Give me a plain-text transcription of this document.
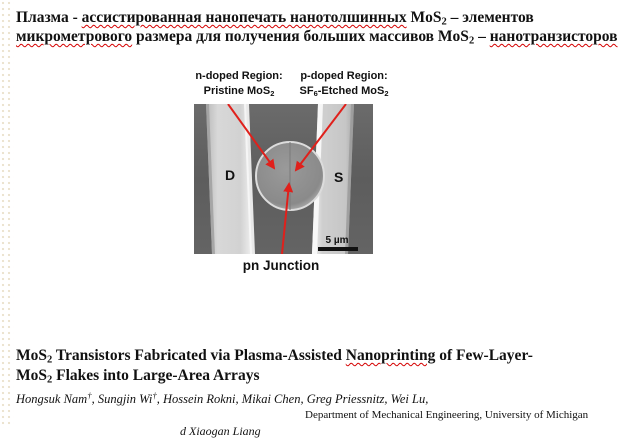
Плазма - ассистированная нанопечать нанотолшинных MoS$_2$ – элементов
микрометрового размера для получения больших массивов MoS$_2$ – нанотранзисторов
n-doped Region:
Pristine MoS$_2$
p-doped Region:
$SF_6$-Etched MoS$_2$
D	S
5 µm
pn Junction
MoS$_2$ Transistors Fabricated via Plasma-Assisted Nanoprinting of Few-Layer-
MoS$_2$ Flakes into Large-Area Arrays
Hongsuk Nam†, Sungjin Wi†, Hossein Rokni, Mikai Chen, Greg Priessnitz, Wei Lu,
Department of Mechanical Engineering, University of Michigan
d Xiaogan Liang
